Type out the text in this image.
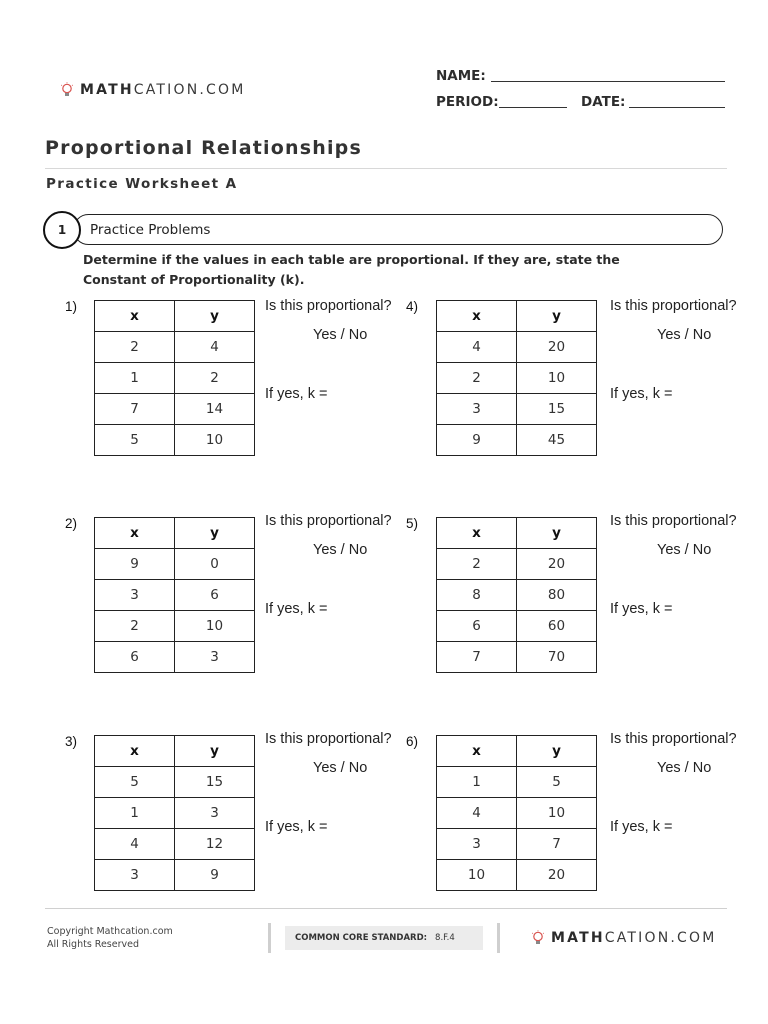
MATHCATION.COM
NAME:
PERIOD:	DATE:
Proportional Relationships
Practice Worksheet A
1	Practice Problems
Determine if the values in each table are proportional. If they are, state the Constant of Proportionality (k).
1)
x	y
2	4
1	2
7	14
5	10
Is this proportional?
Yes / No
If yes, k =
2)
x	y
9	0
3	6
2	10
6	3
Is this proportional?
Yes / No
If yes, k =
3)
x	y
5	15
1	3
4	12
3	9
Is this proportional?
Yes / No
If yes, k =
4)
x	y
4	20
2	10
3	15
9	45
Is this proportional?
Yes / No
If yes, k =
5)
x	y
2	20
8	80
6	60
7	70
Is this proportional?
Yes / No
If yes, k =
6)
x	y
1	5
4	10
3	7
10	20
Is this proportional?
Yes / No
If yes, k =
Copyright Mathcation.com
All Rights Reserved
COMMON CORE STANDARD: 8.F.4	MATHCATION.COM
